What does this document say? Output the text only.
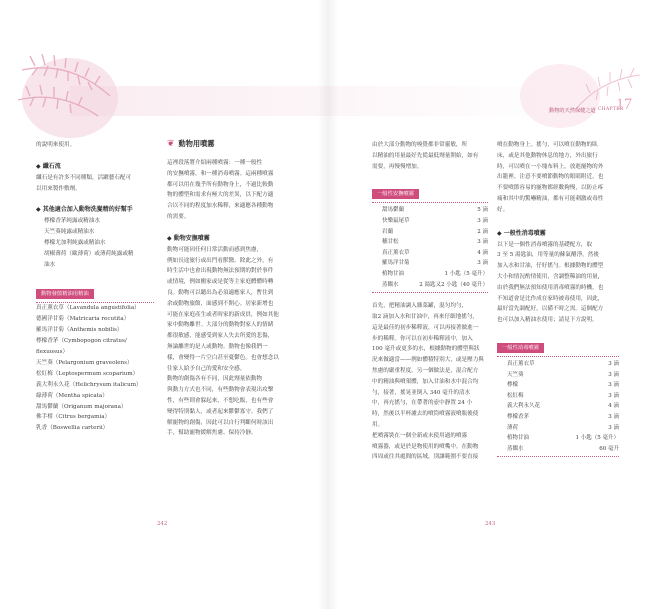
動物的天然保健之道 CHAPTER
17

的說明來使用。

◆ 纖石流

纖石是有許多不同種類，活躍藝石配可

以用來製作敷劑。

◆ 其他適合加入動物洗髮精的好幫手

檸檬香茅純露或精油水

天竺葵純露或精油水

檸檬尤加利純露或精油水

胡椒薄荷（歐薄荷）或薄荷純露或精

油水

動物發散精油用精油

真正薰衣草（Lavandula angustifolia）

德國洋甘菊（Matricaria recutita）

羅馬洋甘菊（Anthemis nobilis）

檸檬香茅（Cymbopogon citratus/

flexuosus）

天竺葵（Pelargonium graveolens）

松紅梅（Leptospermum scoparium）

義大利永久花（Helichrysum italicum）

綠薄荷（Mentha spicata）

甜馬鬱蘭（Origanum majorana）

佛手柑（Citrus bergamia）

乳香（Boswellia carterii）

❦ 動物用噴霧

這裡段落將介紹兩種噴霧：一種一般性

的安撫噴霧，和一種消毒噴霧。這兩種噴霧

都可以用在幾乎所有動物身上，不過比較動

物的體型和需求有極大的差異，以下配方適

合以不同的程度加水稀釋，來適應各種動物

的需要。

◆ 動物安撫噴霧

動物可能因任何日常活動而感到焦慮，

例如長途旅行或出門看獸醫。除此之外，有

時生活中也會出現動物無法預期的對於事件

或情境，例如搬家或是從等主家庭體體時轉

良。動物可以聽出為必須適應家人，暫住到

余或動物旅館，面感到不開心。居家新增也

可能在家庭產生或者時家的新成員，例如其他

家中動物離世。大部分的動物對家人的情緒

都很敏感，能感受到家人失去所愛的悲傷，

無論離世的是人或動物。動物也像我們一

樣，會變得一片空白甚至憂鬱色。也會想念以

往家人給予自己的愛和安全感。

動物的創傷各有不同，因此劑量依動物

與動力方式也不同，有些動物會表現出攻擊

性，有些則會躲起來，不想吃飯，也有些會

變得特別黏人，或者起來鬱鬱寡守。我們了

解寵物的創傷，因此可以自行判斷何時該出

手，幫助寵物緩解焦慮、保持冷靜。

242	243

由於大部分動物的嗅覺都非常靈敏，所

以精油的用量最好先從最低劑量開始，如有

需要，再慢慢增加。

一般性安撫噴霧
甜馬鬱蘭	5 滴
快樂鼠尾草	3 滴
岩蘭	2 滴
穗甘松	3 滴
真正薰衣草	4 滴
羅馬洋甘菊	3 滴
植物甘油	1 小匙（5 毫升）
蒸餾水	2 湯匙又2 小匙（40 毫升）

首先，把精油調入雜菜罐，混匀均勻，

取2 滴加入水和甘油中，再來仔細地搖勻，

這是最佳的初步稀釋液，可以再接著做進一

步的稀釋。你可以在初步稀釋液中，加入

100 毫升或更多的水，根據動物的體型與狀

況來做適當——例如體積特別大，或是壓力與

焦慮的嚴重程度。另一個做法是，混合配方

中的精油與噴架體，加入甘油和水中混合均

勻，接著，搖晃並倒入 340 毫升的清水

中，再充搖勻，在帶著的壺中靜置 24 小

時，然後以半杯濾去的噴筒噴霧液噴瓶後使

用。

把噴霧裝在一個全新或未使用過的噴霧

噴霧器，或是於是物使用的噴嘴中。在動物

四周或往其處間的區域，別讓範圍不要直接

噴在動物身上。搖勻，可以噴在動物的臥

床，或是其他動物休息的地方，外出旅行

時，可以噴在一小塊布料上，放進寵物的外

出籠裡。注意不要噴節動物的眼睛附近，也

不要噴節容易的寵物都經數夠慢，以防止疼

痛和其中的驚嚇精油，都有可能刺激或毒性

好。

◆ 一般性消毒噴霧

以下是一個性消毒噴霧的基礎配方，取

3 至 5 湯匙油，用等量的蘇氣醋淨，然後

加入水和甘油，仔好搖勻。根據動物的體型

大小和情況酌情使用，含調整稀油的用量，

由於我們無法預知使用消毒噴霧的時機，也

不知道會是比作成在家時被毒使用，因此，

最好當先調配好，以備不時之需。這個配方

也可以加入精油水使用；請見下方說明。

一般性消毒噴霧
真正薰衣草	3 滴
天竺葵	3 滴
檸檬	3 滴
松紅梅	3 滴
義大利永久花	4 滴
檸檬香茅	3 滴
薄荷	3 滴
植物甘油	1 小匙（5 毫升）
蒸餾水	60 毫升
